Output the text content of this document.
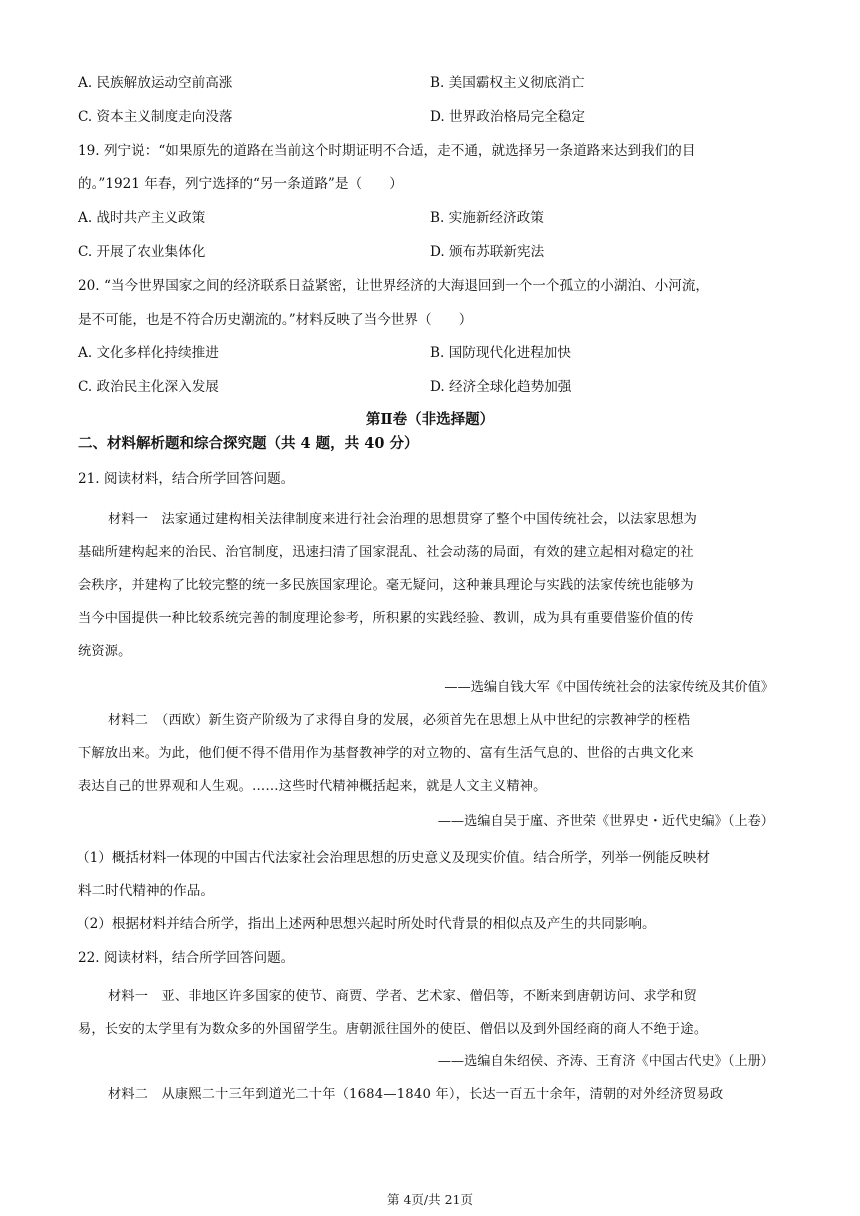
A. 民族解放运动空前高涨	B. 美国霸权主义彻底消亡
C. 资本主义制度走向没落	D. 世界政治格局完全稳定
19. 列宁说：“如果原先的道路在当前这个时期证明不合适，走不通，就选择另一条道路来达到我们的目
的。”1921 年春，列宁选择的“另一条道路”是（　　）
A. 战时共产主义政策	B. 实施新经济政策
C. 开展了农业集体化	D. 颁布苏联新宪法
20. “当今世界国家之间的经济联系日益紧密，让世界经济的大海退回到一个一个孤立的小湖泊、小河流，
是不可能，也是不符合历史潮流的。”材料反映了当今世界（　　）
A. 文化多样化持续推进	B. 国防现代化进程加快
C. 政治民主化深入发展	D. 经济全球化趋势加强
第Ⅱ卷（非选择题）
二、材料解析题和综合探究题（共 4 题，共 40 分）
21. 阅读材料，结合所学回答问题。
材料一　法家通过建构相关法律制度来进行社会治理的思想贯穿了整个中国传统社会，以法家思想为
基础所建构起来的治民、治官制度，迅速扫清了国家混乱、社会动荡的局面，有效的建立起相对稳定的社
会秩序，并建构了比较完整的统一多民族国家理论。毫无疑问，这种兼具理论与实践的法家传统也能够为
当今中国提供一种比较系统完善的制度理论参考，所积累的实践经验、教训，成为具有重要借鉴价值的传
统资源。
——选编自钱大军《中国传统社会的法家传统及其价值》
材料二　（西欧）新生资产阶级为了求得自身的发展，必须首先在思想上从中世纪的宗教神学的桎梏
下解放出来。为此，他们便不得不借用作为基督教神学的对立物的、富有生活气息的、世俗的古典文化来
表达自己的世界观和人生观。……这些时代精神概括起来，就是人文主义精神。
——选编自吴于廑、齐世荣《世界史・近代史编》（上卷）
（1）概括材料一体现的中国古代法家社会治理思想的历史意义及现实价值。结合所学，列举一例能反映材
料二时代精神的作品。
（2）根据材料并结合所学，指出上述两种思想兴起时所处时代背景的相似点及产生的共同影响。
22. 阅读材料，结合所学回答问题。
材料一　亚、非地区许多国家的使节、商贾、学者、艺术家、僧侣等，不断来到唐朝访问、求学和贸
易，长安的太学里有为数众多的外国留学生。唐朝派往国外的使臣、僧侣以及到外国经商的商人不绝于途。
——选编自朱绍侯、齐涛、王育济《中国古代史》（上册）
材料二　从康熙二十三年到道光二十年（1684—1840 年），长达一百五十余年，清朝的对外经济贸易政
第 4页/共 21页
